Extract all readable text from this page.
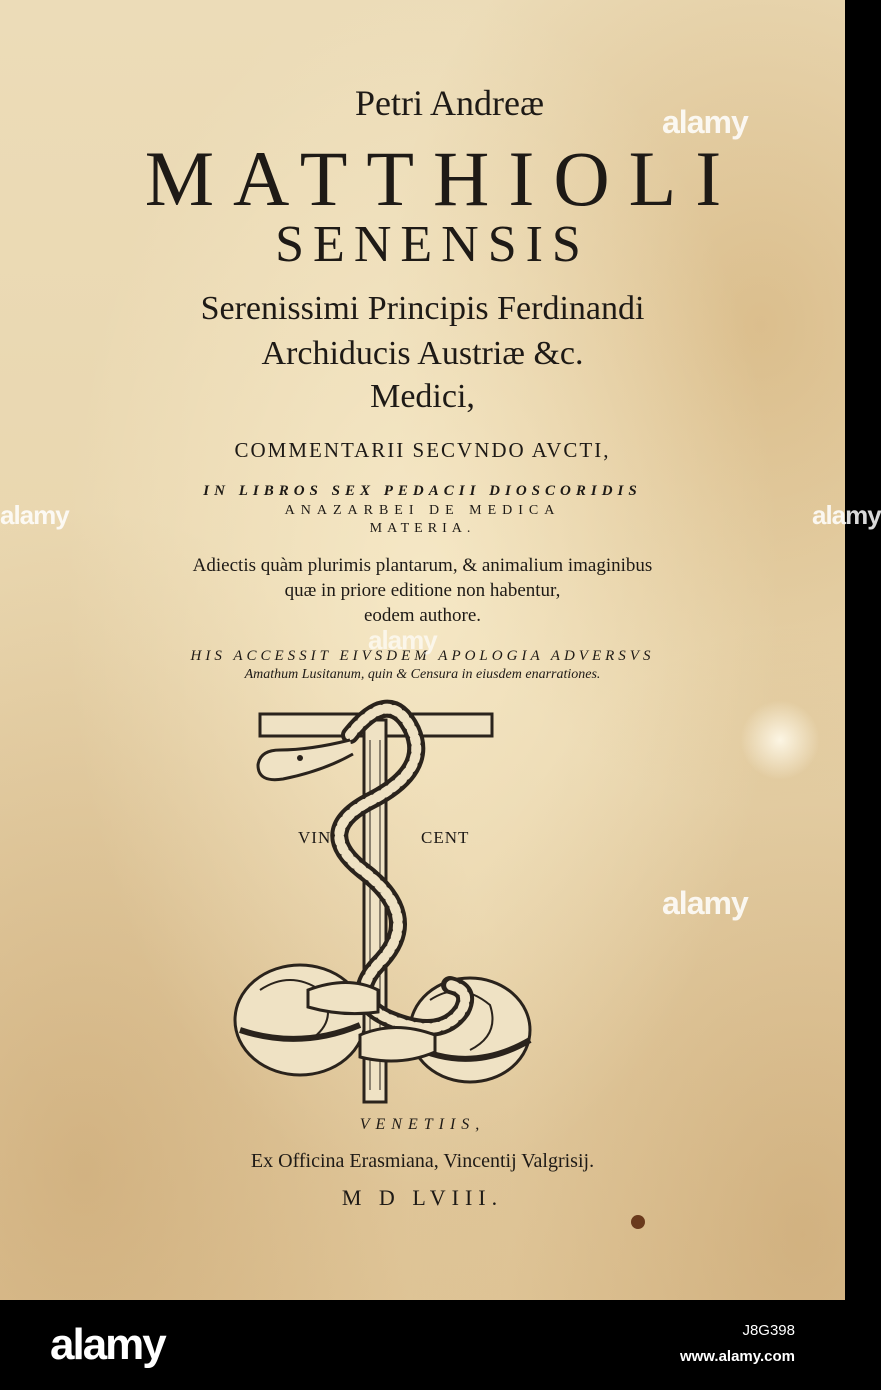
Petri Andreæ
MATTHIOLI
SENENSIS
Serenissimi Principis Ferdinandi
Archiducis Austriæ &c.
Medici,
COMMENTARII SECVNDO AVCTI,
IN LIBROS SEX PEDACII DIOSCORIDIS
ANAZARBEI DE MEDICA
MATERIA.
Adiectis quàm plurimis plantarum, & animalium imaginibus
quæ in priore editione non habentur,
eodem authore.
HIS ACCESSIT EIVSDEM APOLOGIA ADVERSVS
Amathum Lusitanum, quin & Censura in eiusdem enarrationes.
VIN	CENT
VENETIIS,
Ex Officina Erasmiana, Vincentij Valgrisij.
M D LVIII.
alamy
alamy
alamy	alamy
alamy
alamy	J8G398
www.alamy.com
